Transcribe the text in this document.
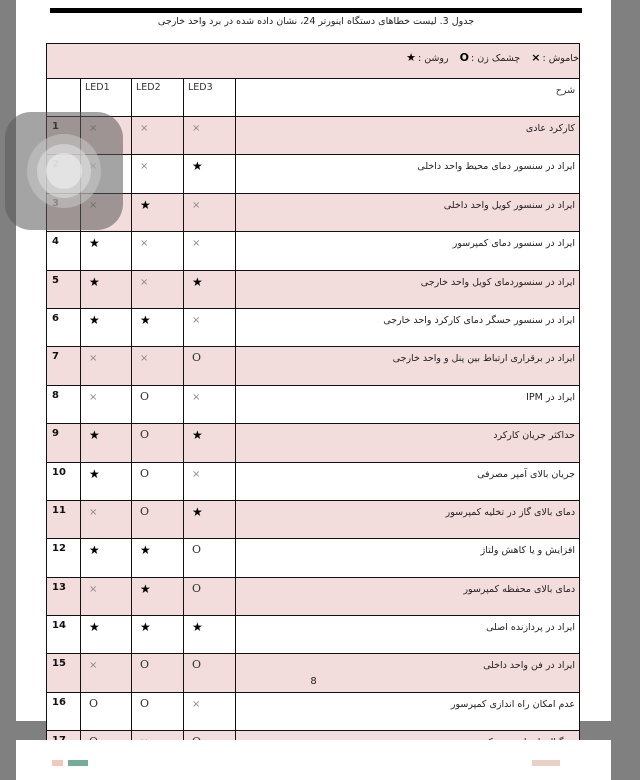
جدول 3. لیست خطاهای دستگاه اینورتر 24، نشان داده شده در برد واحد خارجی
خاموش :×   چشمک زن :O   روشن :★				
	LED1	LED2	LED3	شرح
		×	×	کارکرد عادی
		×	★	ایراد در سنسور دمای محیط واحد داخلی
		★	×	ایراد در سنسور کویل واحد داخلی
4	★	×	×	ایراد در سنسور دمای کمپرسور
5	★	×	★	ایراد در سنسوردمای کویل واحد خارجی
6	★	★	×	ایراد در سنسور حسگر دمای کارکرد واحد خارجی
7	×	×	O	ایراد در برقراری ارتباط بین پنل و واحد خارجی
8	×	O	×	ایراد در IPM
9	★	O	★	حداکثر جریان کارکرد
10	★	O	×	جریان بالای آمپر مصرفی
11	×	O	★	دمای بالای گاز در تخلیه کمپرسور
12	★	★	O	افزایش و یا کاهش ولتاژ
13	×	★	O	دمای بالای محفظه کمپرسور
14	★	★	★	ایراد در پردازنده اصلی
15	×	O	O	ایراد در فن واحد داخلی
16	O	O	×	عدم امکان راه اندازی کمپرسور

8
